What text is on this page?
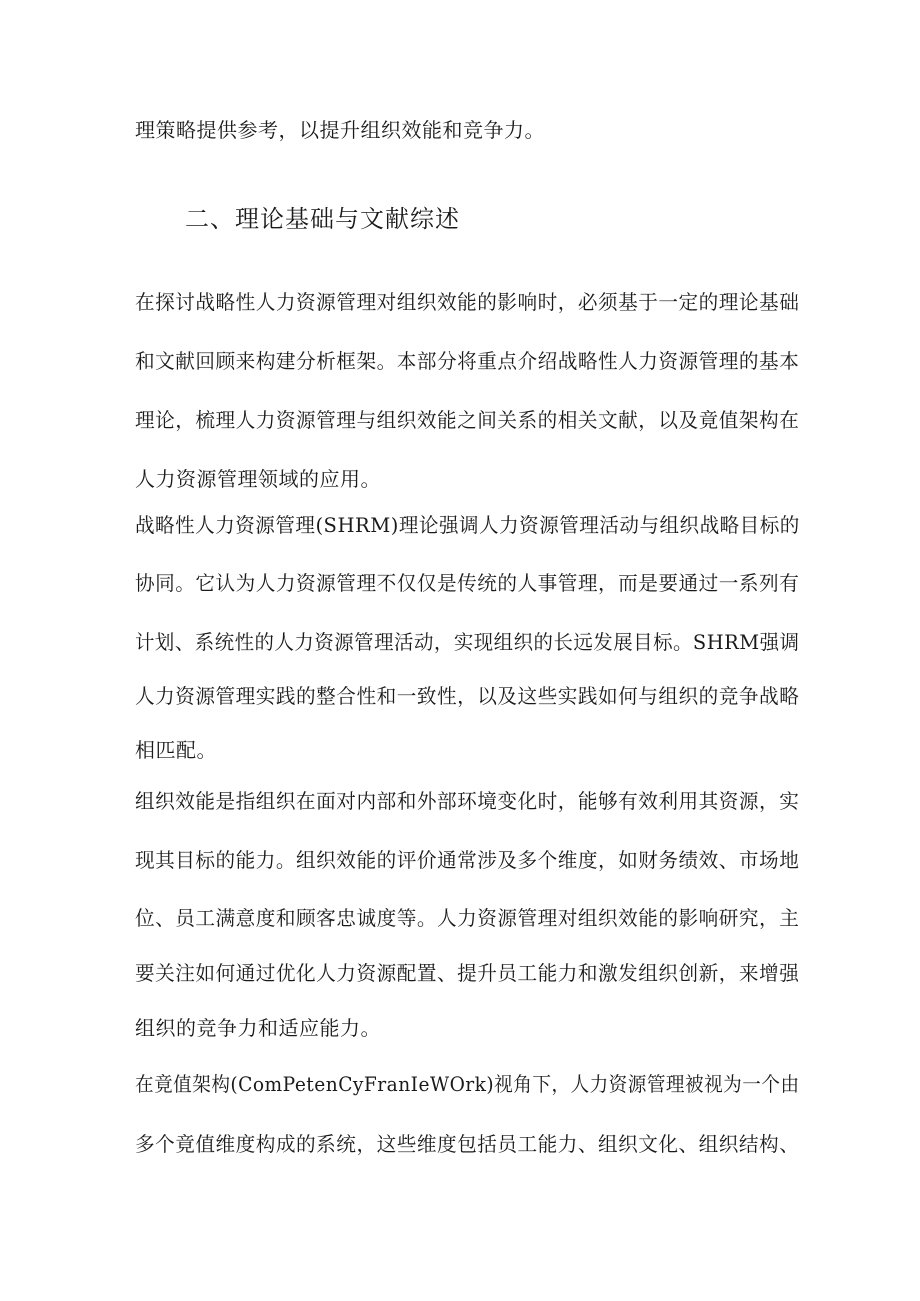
理策略提供参考，以提升组织效能和竞争力。
二、理论基础与文献综述
在探讨战略性人力资源管理对组织效能的影响时，必须基于一定的理论基础
和文献回顾来构建分析框架。本部分将重点介绍战略性人力资源管理的基本
理论，梳理人力资源管理与组织效能之间关系的相关文献，以及竟值架构在
人力资源管理领域的应用。
战略性人力资源管理(SHRM)理论强调人力资源管理活动与组织战略目标的
协同。它认为人力资源管理不仅仅是传统的人事管理，而是要通过一系列有
计划、系统性的人力资源管理活动，实现组织的长远发展目标。SHRM强调
人力资源管理实践的整合性和一致性，以及这些实践如何与组织的竞争战略
相匹配。
组织效能是指组织在面对内部和外部环境变化时，能够有效利用其资源，实
现其目标的能力。组织效能的评价通常涉及多个维度，如财务绩效、市场地
位、员工满意度和顾客忠诚度等。人力资源管理对组织效能的影响研究，主
要关注如何通过优化人力资源配置、提升员工能力和激发组织创新，来增强
组织的竞争力和适应能力。
在竟值架构(ComPetenCyFranIeWOrk)视角下，人力资源管理被视为一个由
多个竟值维度构成的系统，这些维度包括员工能力、组织文化、组织结构、
